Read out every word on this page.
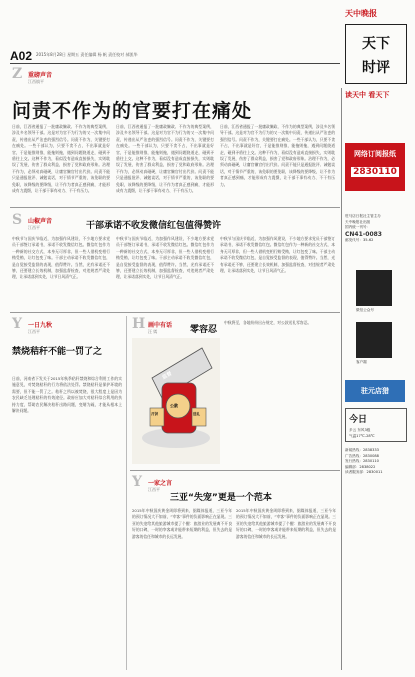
A02 2015年8月28日 星期五 责任编辑 杨 帆 责任校对 郝凯华
天中晚报
天下
时评
Z 重磅声音
江西镇平
问责不作为的官要打在痛处
日前，江西省通报了一批庸政懒政、不作为的典型案例，涉及多名领导干部。这是对为官不为行为的又一次集中问责，传递出从严治吏的强烈信号。问责不作为，关键要打在痛处。一些干部认为，只要不贪不占，不出事就是好官，于是能推则推，能拖则拖，遇到问题绕道走，碰到矛盾往上交。这种不作为，看似没有造成直接损失，实则耽误了发展，伤害了群众利益，损害了党和政府形象。治理不作为，必须动真碰硬，让庸官懒官付出代价。问责不能只是通报批评、诫勉谈话，对于情节严重的，该免职的要免职，该降级的要降级，让不作为者真正感到痛，才能形成有力震慑，让干部干事有动力、不干有压力。
日前，江西省通报了一批庸政懒政、不作为的典型案例，涉及多名领导干部。这是对为官不为行为的又一次集中问责，传递出从严治吏的强烈信号。问责不作为，关键要打在痛处。一些干部认为，只要不贪不占，不出事就是好官，于是能推则推，能拖则拖，遇到问题绕道走，碰到矛盾往上交。这种不作为，看似没有造成直接损失，实则耽误了发展，伤害了群众利益，损害了党和政府形象。治理不作为，必须动真碰硬，让庸官懒官付出代价。问责不能只是通报批评、诫勉谈话，对于情节严重的，该免职的要免职，该降级的要降级，让不作为者真正感到痛，才能形成有力震慑，让干部干事有动力、不干有压力。
日前，江西省通报了一批庸政懒政、不作为的典型案例，涉及多名领导干部。这是对为官不为行为的又一次集中问责，传递出从严治吏的强烈信号。问责不作为，关键要打在痛处。一些干部认为，只要不贪不占，不出事就是好官，于是能推则推，能拖则拖，遇到问题绕道走，碰到矛盾往上交。这种不作为，看似没有造成直接损失，实则耽误了发展，伤害了群众利益，损害了党和政府形象。治理不作为，必须动真碰硬，让庸官懒官付出代价。问责不能只是通报批评、诫勉谈话，对于情节严重的，该免职的要免职，该降级的要降级，让不作为者真正感到痛，才能形成有力震慑，让干部干事有动力、不干有压力。
S 山椒声音
江西平	干部承诺不收发微信红包值得赞许
中秋节与国庆节临近，为加强作风建设，不少地方要求党员干部签订承诺书，承诺不收发微信红包。微信红包作为一种新的社交方式，本身无可厚非，但一些人借机变相行贿受贿，让红包变了味。干部主动承诺不收发微信红包，是自觉接受监督的表现，值得赞许。当然，光有承诺还不够，还要建立长效机制，加强监督检查，对违规者严肃处理，让承诺落到实处，让节日风清气正。
中秋节与国庆节临近，为加强作风建设，不少地方要求党员干部签订承诺书，承诺不收发微信红包。微信红包作为一种新的社交方式，本身无可厚非，但一些人借机变相行贿受贿，让红包变了味。干部主动承诺不收发微信红包，是自觉接受监督的表现，值得赞许。当然，光有承诺还不够，还要建立长效机制，加强监督检查，对违规者严肃处理，让承诺落到实处，让节日风清气正。
中秋节与国庆节临近，为加强作风建设，不少地方要求党员干部签订承诺书，承诺不收发微信红包。微信红包作为一种新的社交方式，本身无可厚非，但一些人借机变相行贿受贿，让红包变了味。干部主动承诺不收发微信红包，是自觉接受监督的表现，值得赞许。当然，光有承诺还不够，还要建立长效机制，加强监督检查，对违规者严肃处理，让承诺落到实处，让节日风清气正。
Y 一日九秋
江西平
禁烧秸秆不能一罚了之
日前，河南省下发关于2015年秋季秸秆禁烧和综合利用工作的实施意见，对焚烧秸秆的行为将依法处罚。禁烧秸秆是保护环境的需要，但不能一罚了之。秸秆之所以被焚烧，很大程度上是因为农民缺乏处理秸秆的有效途径。政府应加大对秸秆综合利用的扶持力度，帮助农民解决秸秆出路问题，变堵为疏，才能从根本上解决问题。
H 画中有话
汪 嫣	零容忍
监督
公款
月饼	送礼
中秋将至，各地纷纷出台规定，对公款送礼零容忍。
Y 一家之言
江西平
三亚“失宠”更是一个范本
2015年中秋国庆黄金周即将到来，据媒体报道，三亚今年的预订情况大不如前，“宰客”事件的负面影响正在显现。三亚的失宠给其他旅游城市提了个醒：旅游业的发展离不开良好的口碑，一时的宰客或许能带来短期的利益，但失去的是游客的信任和城市的长远发展。
2015年中秋国庆黄金周即将到来，据媒体报道，三亚今年的预订情况大不如前，“宰客”事件的负面影响正在显现。三亚的失宠给其他旅游城市提了个醒：旅游业的发展离不开良好的口碑，一时的宰客或许能带来短期的利益，但失去的是游客的信任和城市的长远发展。
读天中 看天下
网络订阅报纸
2830110
驻马店日报社主管主办
天中晚报社出版
国内统一刊号：
CN41-0083
邮发代号：35-62
微信公众号
客户端
驻元店猎
今日
多云 东风3级
气温17℃-28℃
新闻热线：2838333
广告热线：2830088
发行热线：2830110
编辑部：2838022
读者服务部：2830011
